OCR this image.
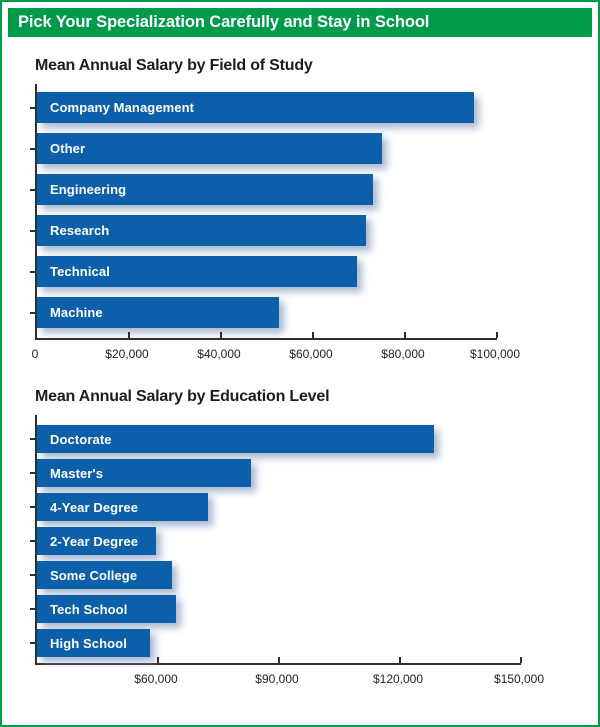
Pick Your Specialization Carefully and Stay in School
Mean Annual Salary by Field of Study
Company Management
Other
Engineering
Research
Technical
Machine
0	$20,000	$40,000	$60,000	$80,000	$100,000
Mean Annual Salary by Education Level
Doctorate
Master's
4-Year Degree
2-Year Degree
Some College
Tech School
High School
$60,000	$90,000	$120,000	$150,000
